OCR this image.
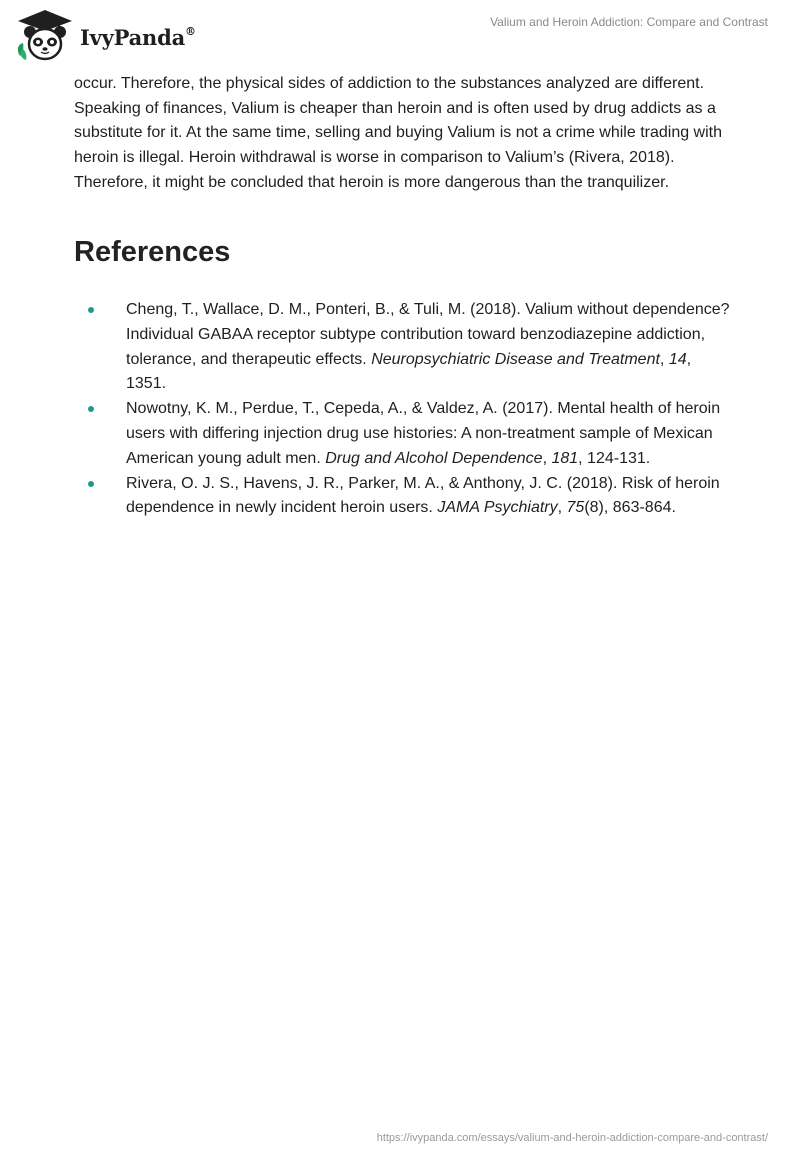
IvyPanda®
Valium and Heroin Addiction: Compare and Contrast

occur. Therefore, the physical sides of addiction to the substances analyzed are different. Speaking of finances, Valium is cheaper than heroin and is often used by drug addicts as a substitute for it. At the same time, selling and buying Valium is not a crime while trading with heroin is illegal. Heroin withdrawal is worse in comparison to Valium’s (Rivera, 2018). Therefore, it might be concluded that heroin is more dangerous than the tranquilizer.

References
Cheng, T., Wallace, D. M., Ponteri, B., & Tuli, M. (2018). Valium without dependence? Individual GABAA receptor subtype contribution toward benzodiazepine addiction, tolerance, and therapeutic effects. Neuropsychiatric Disease and Treatment, 14, 1351.
Nowotny, K. M., Perdue, T., Cepeda, A., & Valdez, A. (2017). Mental health of heroin users with differing injection drug use histories: A non-treatment sample of Mexican American young adult men. Drug and Alcohol Dependence, 181, 124-131.
Rivera, O. J. S., Havens, J. R., Parker, M. A., & Anthony, J. C. (2018). Risk of heroin dependence in newly incident heroin users. JAMA Psychiatry, 75(8), 863-864.
https://ivypanda.com/essays/valium-and-heroin-addiction-compare-and-contrast/
